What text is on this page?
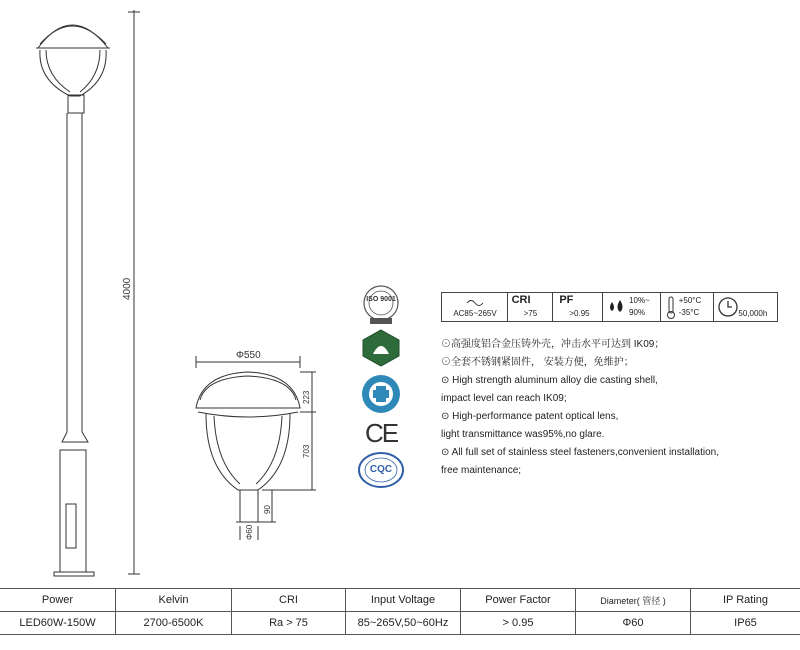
4000
Φ550
223
703
90
Φ60
ISO 9001
CE
CQC
AC85~265V
CRI
>75
PF
>0.95
10%~
90%
+50°C
-35°C	50,000h
⊙高强度铝合金压铸外壳，冲击水平可达到 IK09；
⊙全套不锈钢紧固件， 安装方便，免维护；
⊙ High strength aluminum alloy die casting shell,
impact level can reach IK09;
⊙ High-performance patent optical lens,
light transmittance was95%,no glare.
⊙ All full set of stainless steel fasteners,convenient installation,
free maintenance;
Power	Kelvin	CRI	Input Voltage	Power Factor	Diameter( 管径 )	IP Rating
LED60W-150W	2700-6500K	Ra > 75	85~265V,50~60Hz	> 0.95	Φ60	IP65
